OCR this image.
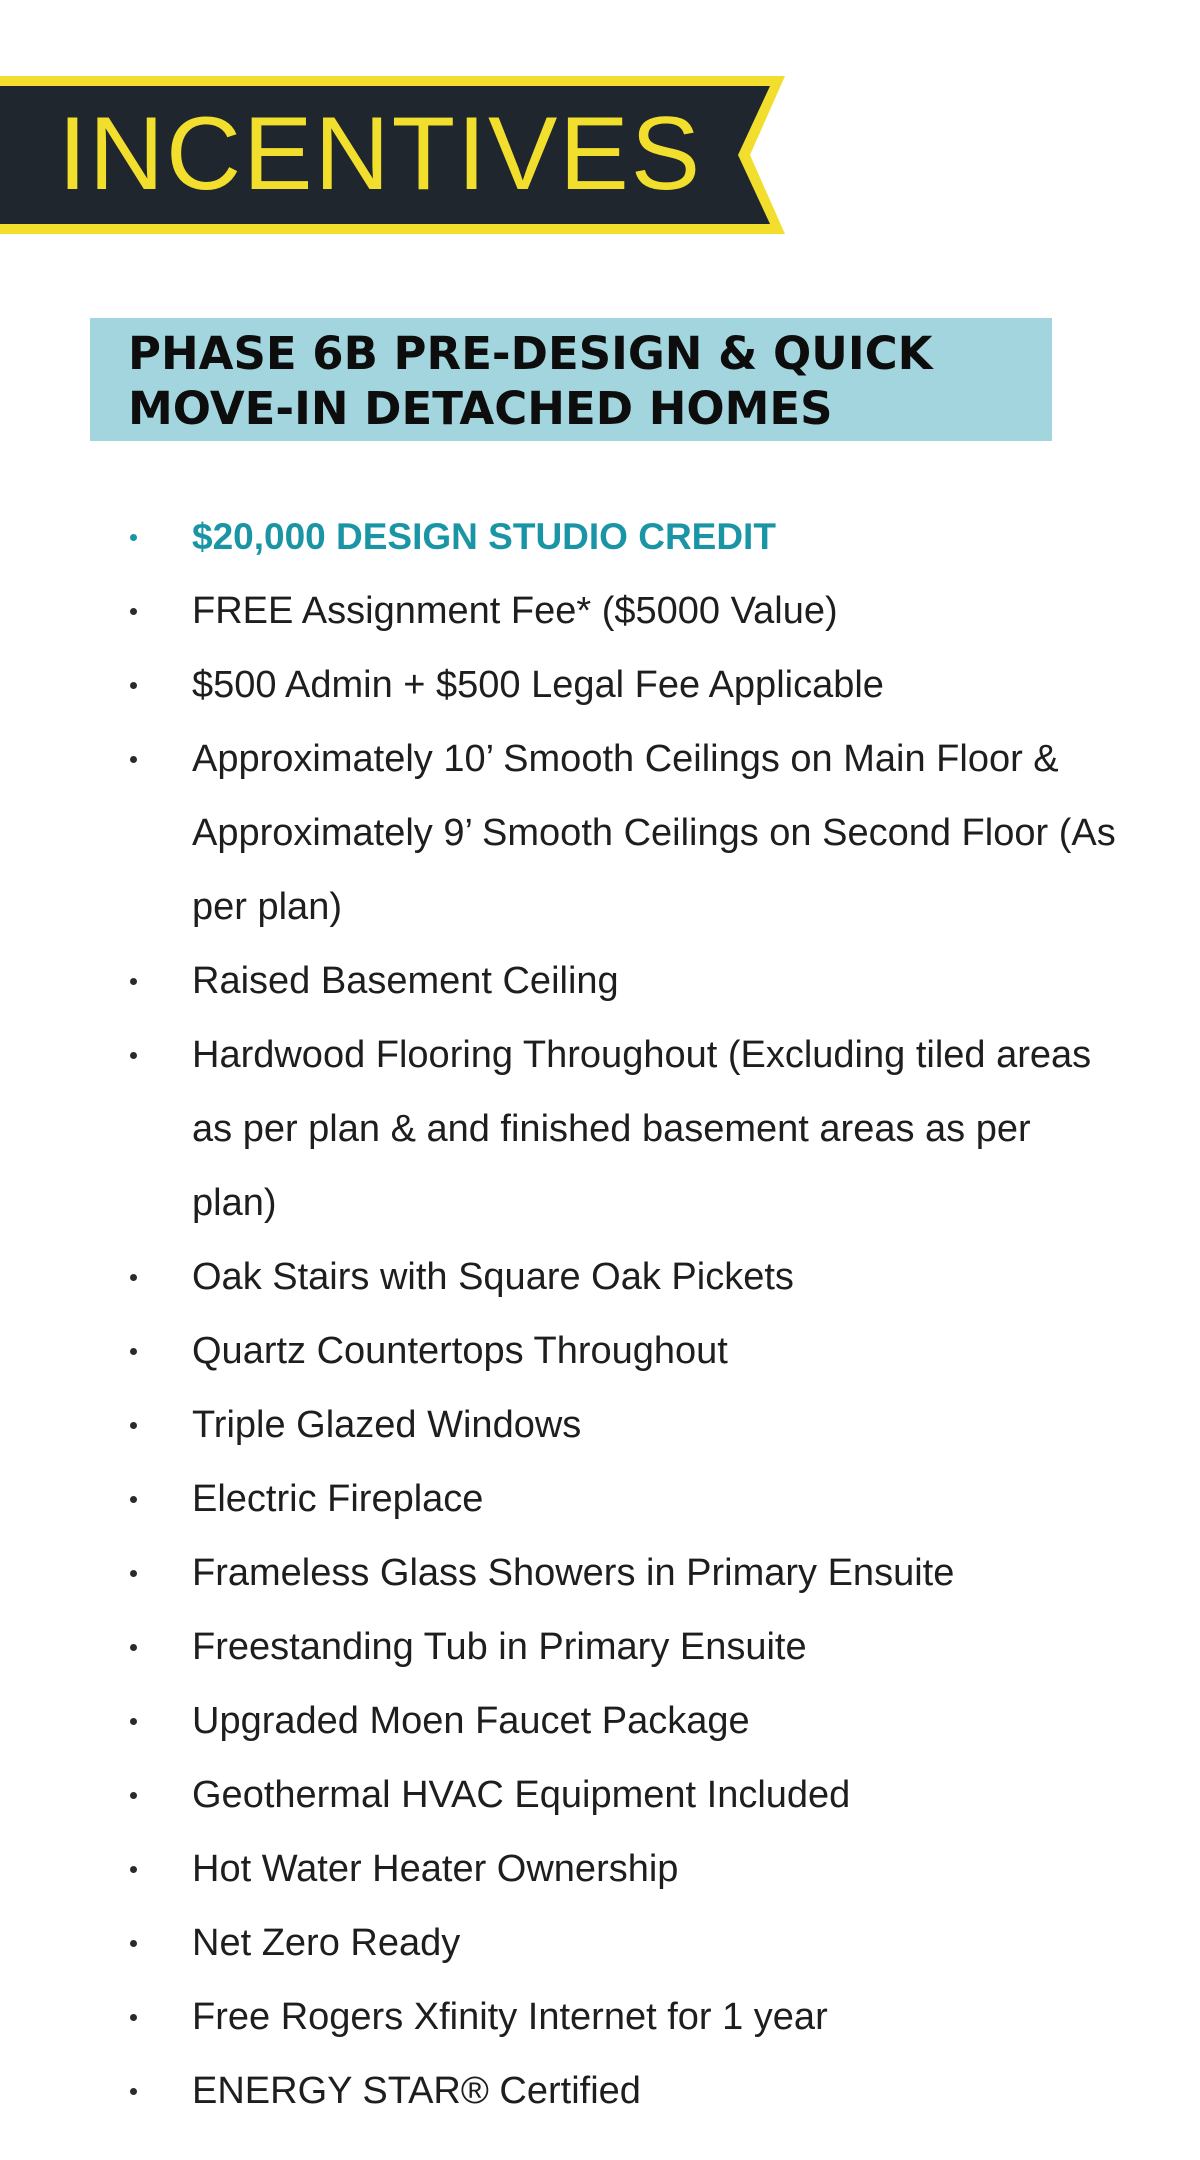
INCENTIVES
PHASE 6B PRE-DESIGN & QUICK MOVE-IN DETACHED HOMES
$20,000 DESIGN STUDIO CREDIT
FREE Assignment Fee* ($5000 Value)
$500 Admin + $500 Legal Fee Applicable
Approximately 10’ Smooth Ceilings on Main Floor & Approximately 9’ Smooth Ceilings on Second Floor (As per plan)
Raised Basement Ceiling
Hardwood Flooring Throughout (Excluding tiled areas as per plan & and finished basement areas as per plan)
Oak Stairs with Square Oak Pickets
Quartz Countertops Throughout
Triple Glazed Windows
Electric Fireplace
Frameless Glass Showers in Primary Ensuite
Freestanding Tub in Primary Ensuite
Upgraded Moen Faucet Package
Geothermal HVAC Equipment Included
Hot Water Heater Ownership
Net Zero Ready
Free Rogers Xfinity Internet for 1 year
ENERGY STAR® Certified
